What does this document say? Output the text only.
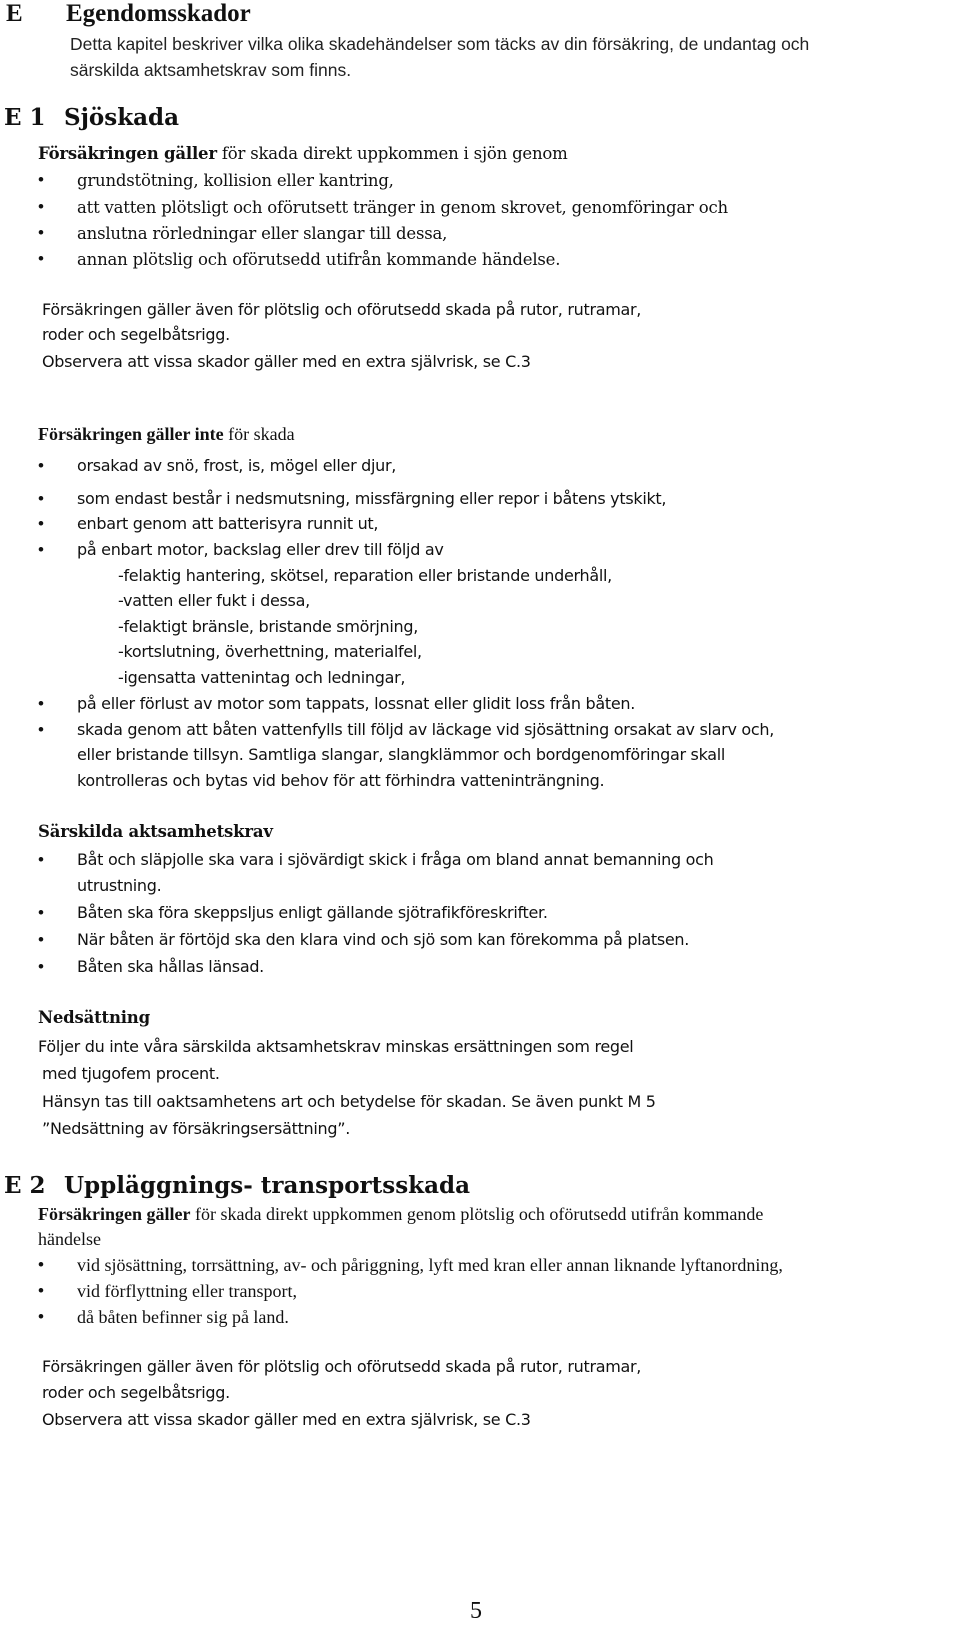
E Egendomsskador
Detta kapitel beskriver vilka olika skadehändelser som täcks av din försäkring, de undantag och
särskilda aktsamhetskrav som finns.
E 1 Sjöskada
Försäkringen gäller för skada direkt uppkommen i sjön genom
• grundstötning, kollision eller kantring,
• att vatten plötsligt och oförutsett tränger in genom skrovet, genomföringar och
• anslutna rörledningar eller slangar till dessa,
• annan plötslig och oförutsedd utifrån kommande händelse.
Försäkringen gäller även för plötslig och oförutsedd skada på rutor, rutramar,
roder och segelbåtsrigg.
Observera att vissa skador gäller med en extra självrisk, se C.3
Försäkringen gäller inte för skada
• orsakad av snö, frost, is, mögel eller djur,
• som endast består i nedsmutsning, missfärgning eller repor i båtens ytskikt,
• enbart genom att batterisyra runnit ut,
• på enbart motor, backslag eller drev till följd av
-felaktig hantering, skötsel, reparation eller bristande underhåll,
-vatten eller fukt i dessa,
-felaktigt bränsle, bristande smörjning,
-kortslutning, överhettning, materialfel,
-igensatta vattenintag och ledningar,
• på eller förlust av motor som tappats, lossnat eller glidit loss från båten.
• skada genom att båten vattenfylls till följd av läckage vid sjösättning orsakat av slarv och,
eller bristande tillsyn. Samtliga slangar, slangklämmor och bordgenomföringar skall
kontrolleras och bytas vid behov för att förhindra vatteninträngning.
Särskilda aktsamhetskrav
• Båt och släpjolle ska vara i sjövärdigt skick i fråga om bland annat bemanning och
utrustning.
• Båten ska föra skeppsljus enligt gällande sjötrafikföreskrifter.
• När båten är förtöjd ska den klara vind och sjö som kan förekomma på platsen.
• Båten ska hållas länsad.
Nedsättning
Följer du inte våra särskilda aktsamhetskrav minskas ersättningen som regel
med tjugofem procent.
Hänsyn tas till oaktsamhetens art och betydelse för skadan. Se även punkt M 5
”Nedsättning av försäkringsersättning”.
E 2 Uppläggnings- transportsskada
Försäkringen gäller för skada direkt uppkommen genom plötslig och oförutsedd utifrån kommande
händelse
• vid sjösättning, torrsättning, av- och påriggning, lyft med kran eller annan liknande lyftanordning,
• vid förflyttning eller transport,
• då båten befinner sig på land.
Försäkringen gäller även för plötslig och oförutsedd skada på rutor, rutramar,
roder och segelbåtsrigg.
Observera att vissa skador gäller med en extra självrisk, se C.3
5
